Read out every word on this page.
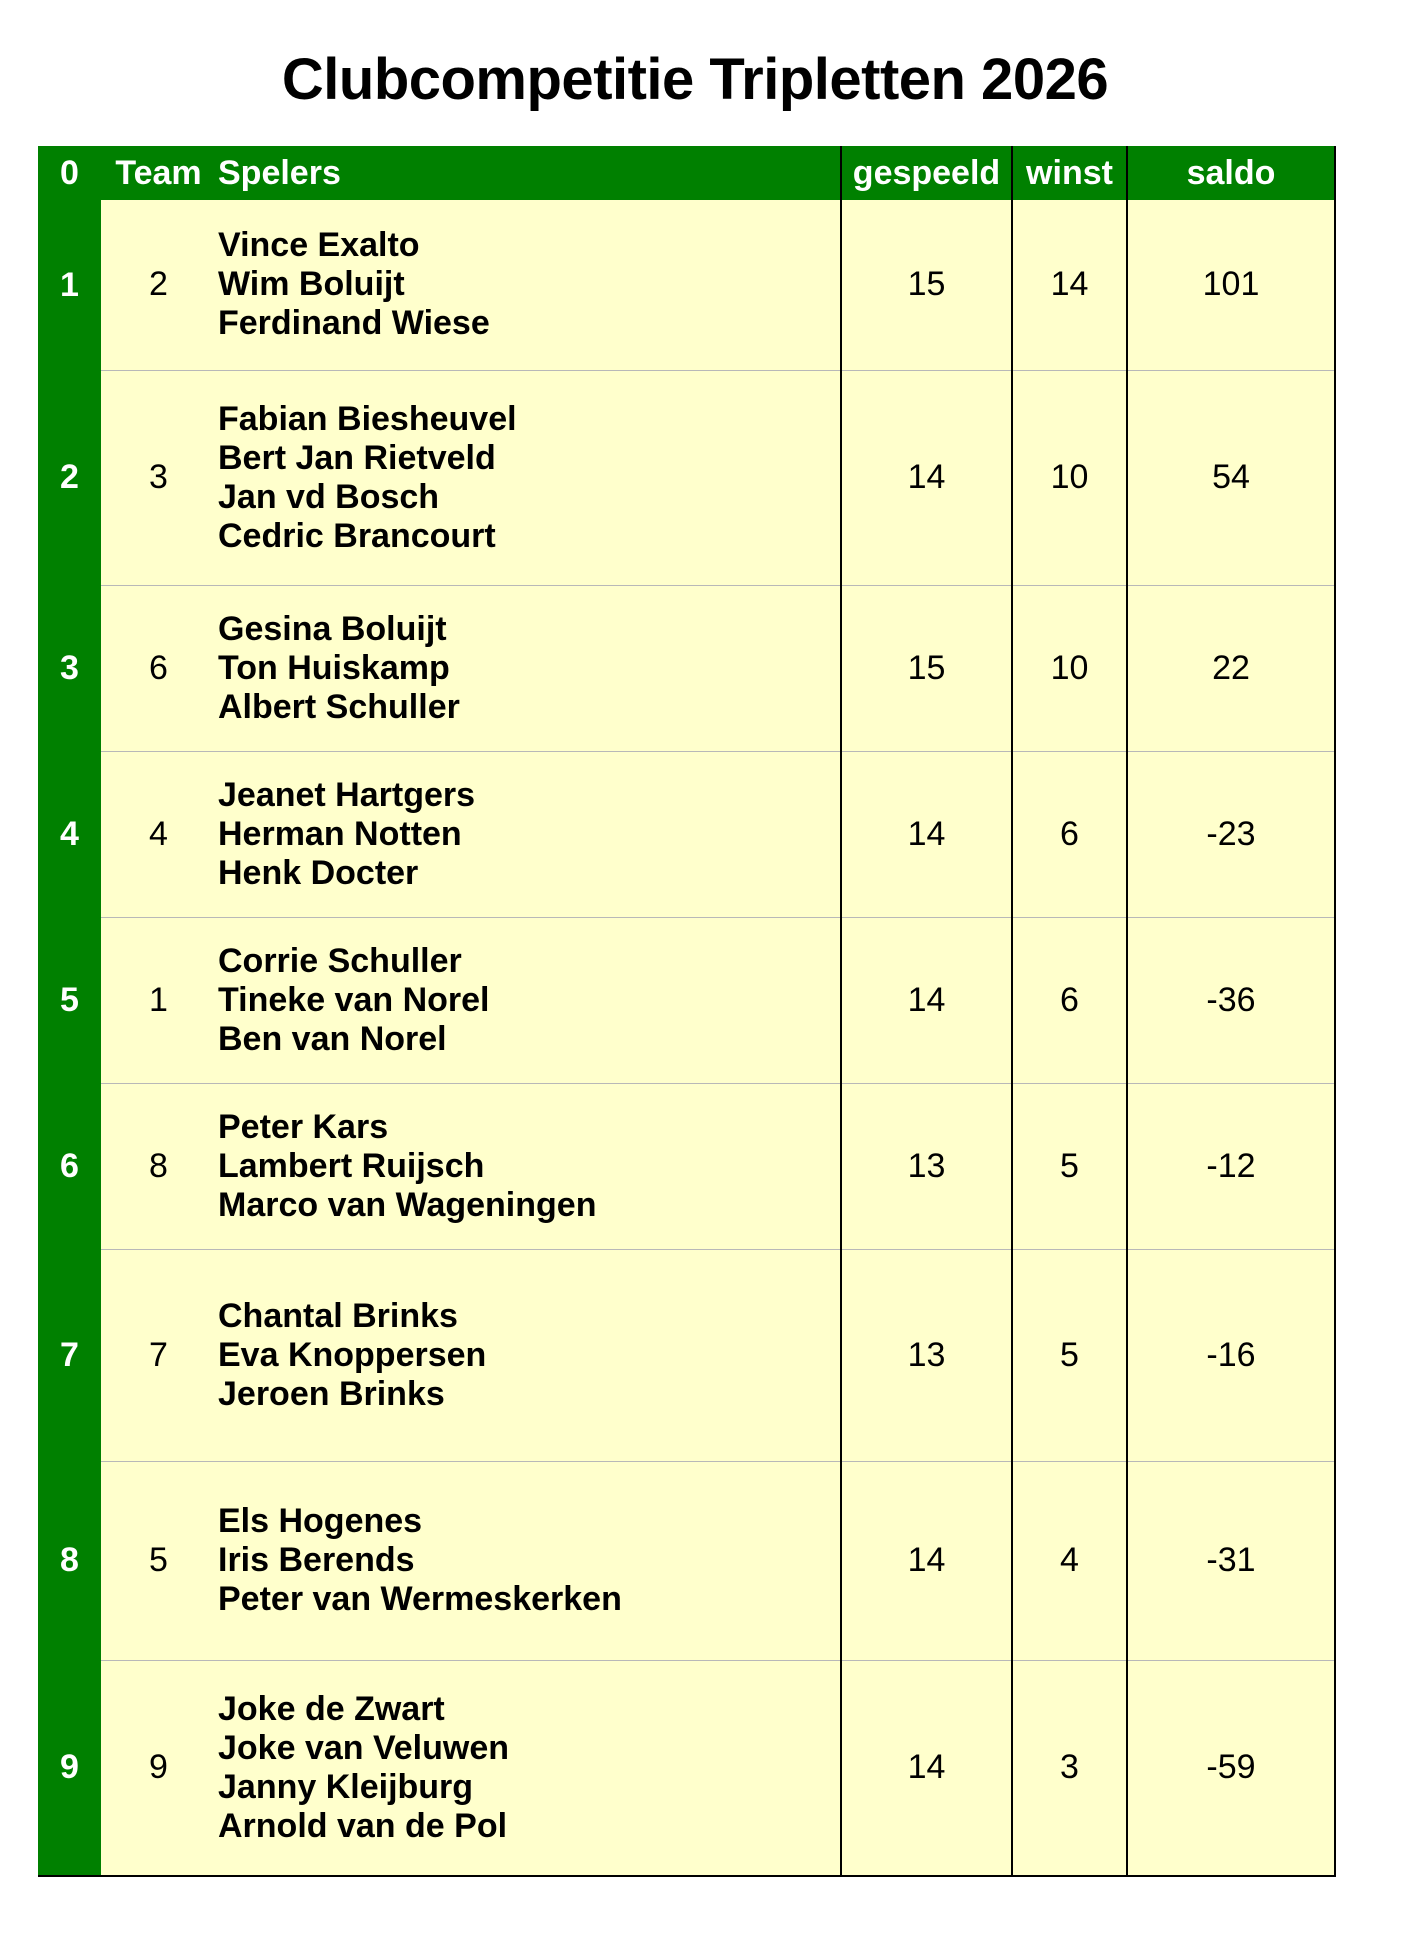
Clubcompetitie Tripletten 2026
0	Team	Spelers	gespeeld	winst	saldo
1	2	Vince Exalto
Wim Boluijt
Ferdinand Wiese	15	14	101
2	3	Fabian Biesheuvel
Bert Jan Rietveld
Jan vd Bosch
Cedric Brancourt	14	10	54
3	6	Gesina Boluijt
Ton Huiskamp
Albert Schuller	15	10	22
4	4	Jeanet Hartgers
Herman Notten
Henk Docter	14	6	-23
5	1	Corrie Schuller
Tineke van Norel
Ben van Norel	14	6	-36
6	8	Peter Kars
Lambert Ruijsch
Marco van Wageningen	13	5	-12
7	7	Chantal Brinks
Eva Knoppersen
Jeroen Brinks	13	5	-16
8	5	Els Hogenes
Iris Berends
Peter van Wermeskerken	14	4	-31
9	9	Joke de Zwart
Joke van Veluwen
Janny Kleijburg
Arnold van de Pol	14	3	-59
